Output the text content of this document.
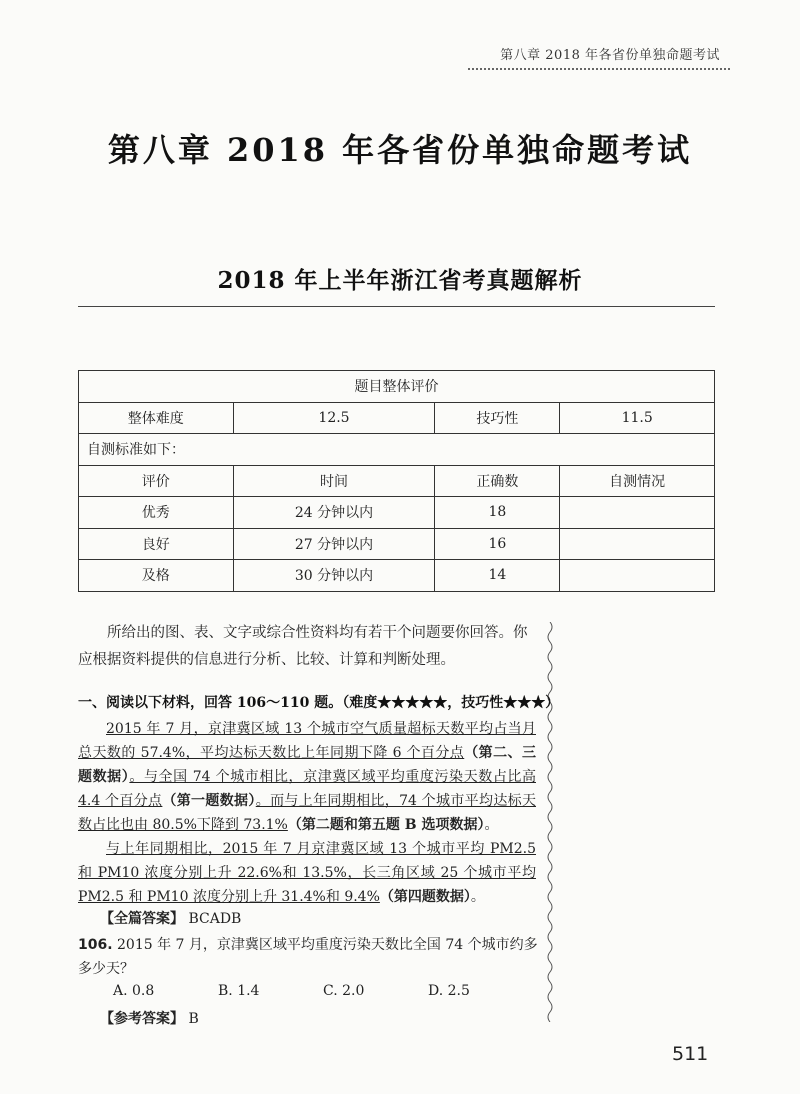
第八章 2018 年各省份单独命题考试
第八章 2018 年各省份单独命题考试
2018 年上半年浙江省考真题解析
题目整体评价			
整体难度	12.5	技巧性	11.5
自测标准如下：			
评价	时间	正确数	自测情况
优秀	24 分钟以内	18	
良好	27 分钟以内	16	
及格	30 分钟以内	14	
所给出的图、表、文字或综合性资料均有若干个问题要你回答。你应根据资料提供的信息进行分析、比较、计算和判断处理。
一、阅读以下材料，回答 106～110 题。（难度★★★★★，技巧性★★★）

2015 年 7 月，京津冀区域 13 个城市空气质量超标天数平均占当月总天数的 57.4%，平均达标天数比上年同期下降 6 个百分点（第二、三题数据）。与全国 74 个城市相比，京津冀区域平均重度污染天数占比高 4.4 个百分点（第一题数据）。而与上年同期相比，74 个城市平均达标天数占比也由 80.5%下降到 73.1%（第二题和第五题 B 选项数据）。

与上年同期相比，2015 年 7 月京津冀区域 13 个城市平均 PM2.5 和 PM10 浓度分别上升 22.6%和 13.5%，长三角区域 25 个城市平均 PM2.5 和 PM10 浓度分别上升 31.4%和 9.4%（第四题数据）。

【全篇答案】 BCADB
106. 2015 年 7 月，京津冀区域平均重度污染天数比全国 74 个城市约多多少天？
A. 0.8	B. 1.4	C. 2.0	D. 2.5
【参考答案】 B
511
